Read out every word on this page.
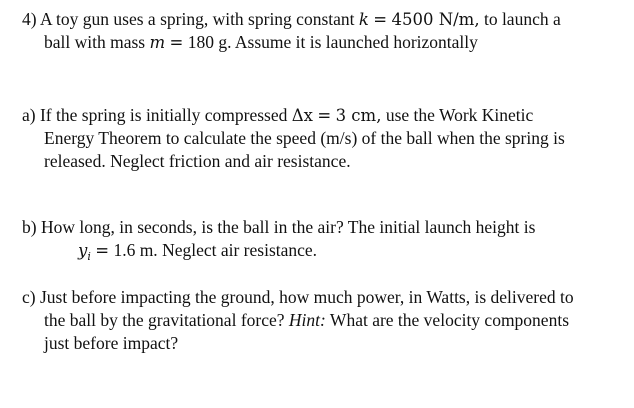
4) A toy gun uses a spring, with spring constant k = 4500 N/m, to launch a
ball with mass m = 180 g. Assume it is launched horizontally
a) If the spring is initially compressed Δx = 3 cm, use the Work Kinetic
Energy Theorem to calculate the speed (m/s) of the ball when the spring is
released. Neglect friction and air resistance.
b) How long, in seconds, is the ball in the air? The initial launch height is
$y_i = 1.6$ m. Neglect air resistance.
c) Just before impacting the ground, how much power, in Watts, is delivered to
the ball by the gravitational force? Hint: What are the velocity components
just before impact?
